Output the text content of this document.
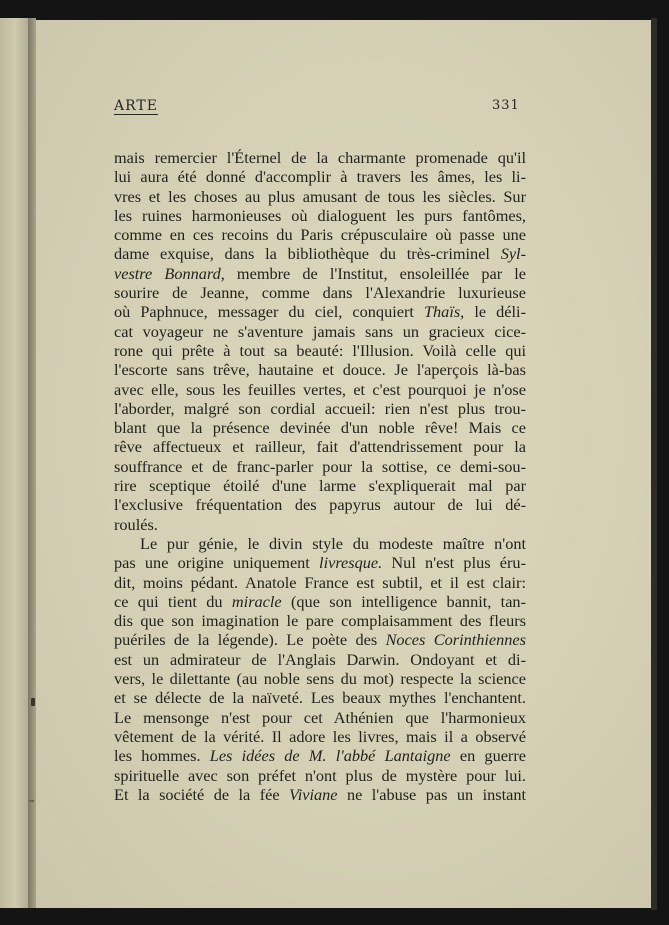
ARTE	331
mais remercier l'Éternel de la charmante promenade qu'il
lui aura été donné d'accomplir à travers les âmes, les li-
vres et les choses au plus amusant de tous les siècles. Sur
les ruines harmonieuses où dialoguent les purs fantômes,
comme en ces recoins du Paris crépusculaire où passe une
dame exquise, dans la bibliothèque du très-criminel Syl-
vestre Bonnard, membre de l'Institut, ensoleillée par le
sourire de Jeanne, comme dans l'Alexandrie luxurieuse
où Paphnuce, messager du ciel, conquiert Thaïs, le déli-
cat voyageur ne s'aventure jamais sans un gracieux cice-
rone qui prête à tout sa beauté: l'Illusion. Voilà celle qui
l'escorte sans trêve, hautaine et douce. Je l'aperçois là-bas
avec elle, sous les feuilles vertes, et c'est pourquoi je n'ose
l'aborder, malgré son cordial accueil: rien n'est plus trou-
blant que la présence devinée d'un noble rêve! Mais ce
rêve affectueux et railleur, fait d'attendrissement pour la
souffrance et de franc-parler pour la sottise, ce demi-sou-
rire sceptique étoilé d'une larme s'expliquerait mal par
l'exclusive fréquentation des papyrus autour de lui dé-
roulés.
Le pur génie, le divin style du modeste maître n'ont
pas une origine uniquement livresque. Nul n'est plus éru-
dit, moins pédant. Anatole France est subtil, et il est clair:
ce qui tient du miracle (que son intelligence bannit, tan-
dis que son imagination le pare complaisamment des fleurs
puériles de la légende). Le poète des Noces Corinthiennes
est un admirateur de l'Anglais Darwin. Ondoyant et di-
vers, le dilettante (au noble sens du mot) respecte la science
et se délecte de la naïveté. Les beaux mythes l'enchantent.
Le mensonge n'est pour cet Athénien que l'harmonieux
vêtement de la vérité. Il adore les livres, mais il a observé
les hommes. Les idées de M. l'abbé Lantaigne en guerre
spirituelle avec son préfet n'ont plus de mystère pour lui.
Et la société de la fée Viviane ne l'abuse pas un instant
